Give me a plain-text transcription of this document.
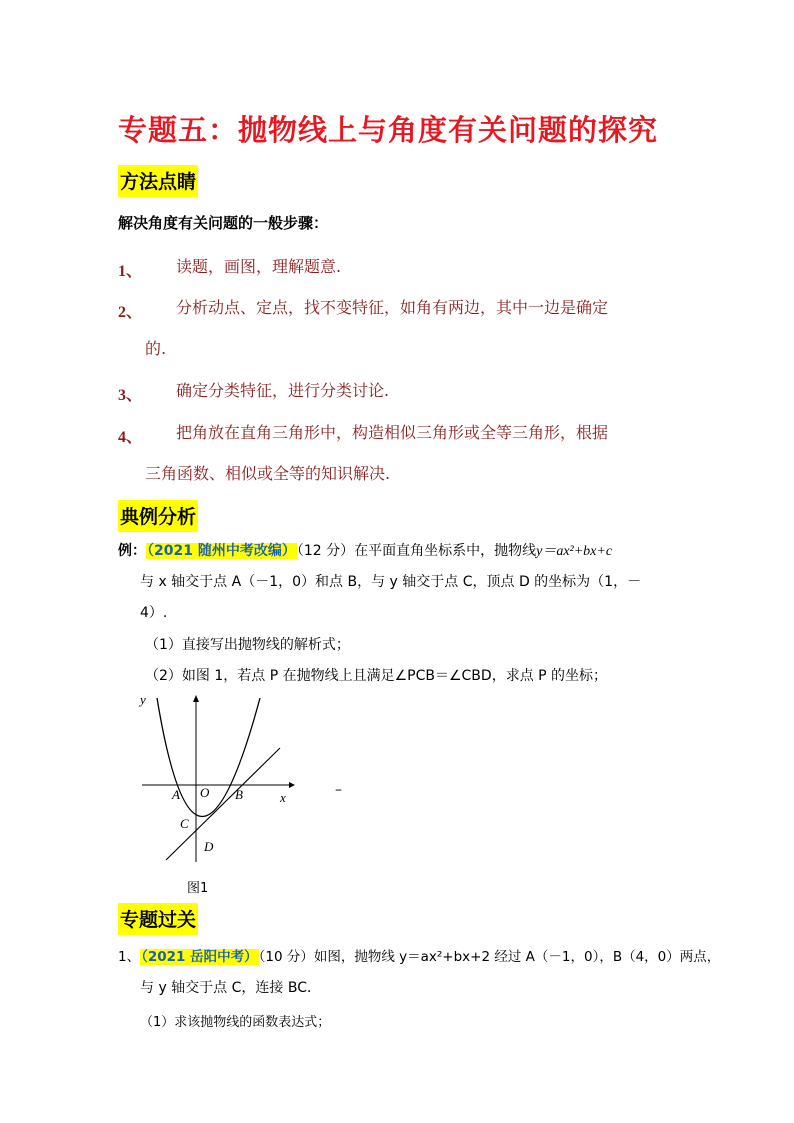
专题五：抛物线上与角度有关问题的探究
方法点睛
解决角度有关问题的一般步骤：
1、 读题，画图，理解题意.
2、 分析动点、定点，找不变特征，如角有两边，其中一边是确定
的.
3、 确定分类特征，进行分类讨论.
4、 把角放在直角三角形中，构造相似三角形或全等三角形，根据
三角函数、相似或全等的知识解决.
典例分析
例：（2021 随州中考改编）（12 分）在平面直角坐标系中，抛物线y＝ax²+bx+c
与 x 轴交于点 A（－1，0）和点 B，与 y 轴交于点 C，顶点 D 的坐标为（1，－
4）.
（1）直接写出抛物线的解析式；
（2）如图 1，若点 P 在抛物线上且满足∠PCB＝∠CBD，求点 P 的坐标；
y
x
O
A	B
C
D
–
图1
专题过关
1、（2021 岳阳中考）（10 分）如图，抛物线 y＝ax²+bx+2 经过 A（－1，0），B（4，0）两点，
与 y 轴交于点 C，连接 BC．
（1）求该抛物线的函数表达式；
